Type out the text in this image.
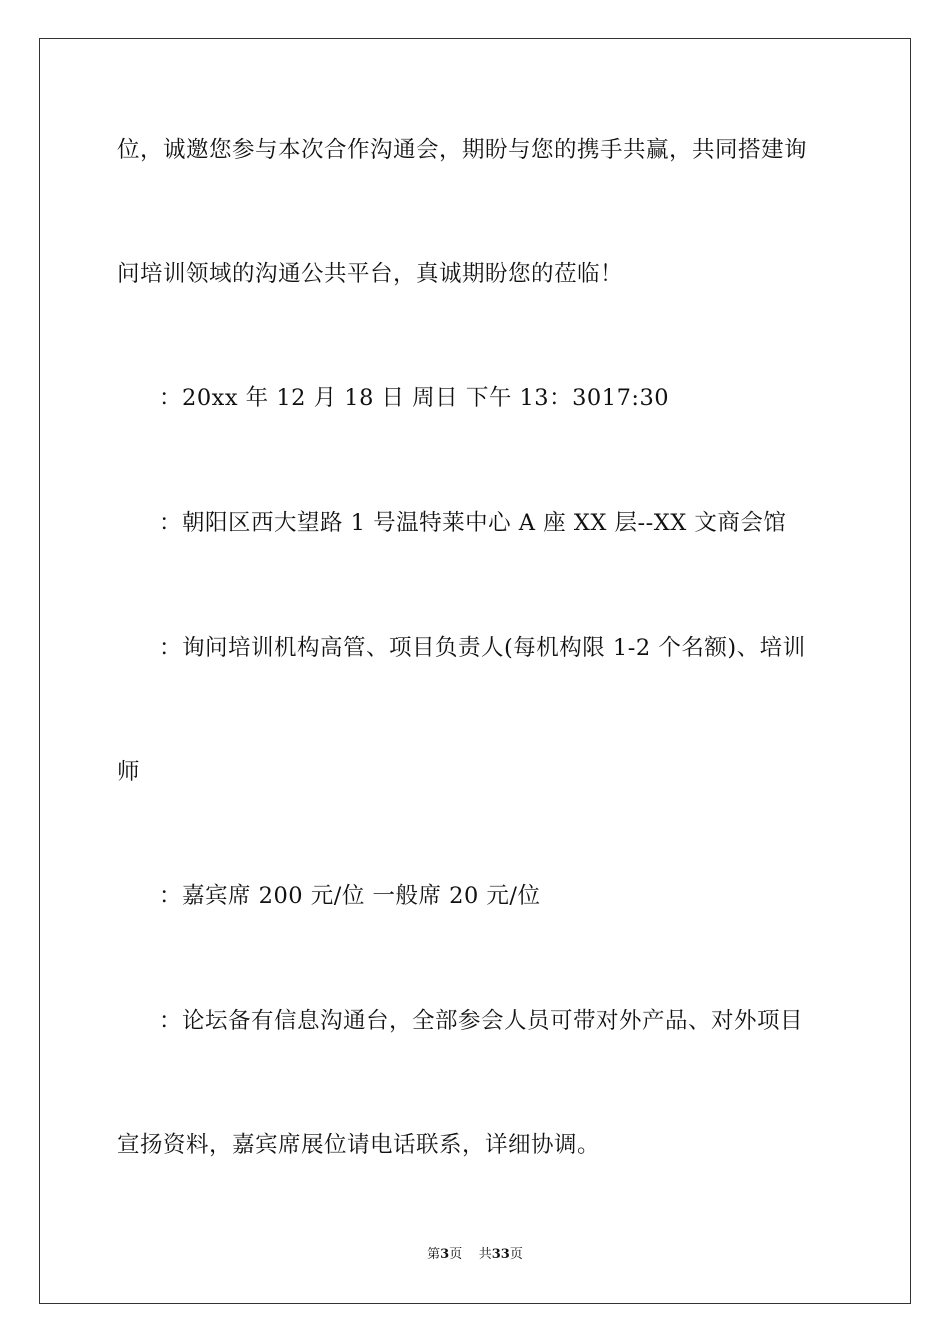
位，诚邀您参与本次合作沟通会，期盼与您的携手共赢，共同搭建询
问培训领域的沟通公共平台，真诚期盼您的莅临！
：20xx 年 12 月 18 日 周日 下午 13：3017:30
：朝阳区西大望路 1 号温特莱中心 A 座 XX 层--XX 文商会馆
：询问培训机构高管、项目负责人(每机构限 1-2 个名额)、培训
师
：嘉宾席 200 元/位 一般席 20 元/位
：论坛备有信息沟通台，全部参会人员可带对外产品、对外项目
宣扬资料，嘉宾席展位请电话联系，详细协调。
第3页 共33页
